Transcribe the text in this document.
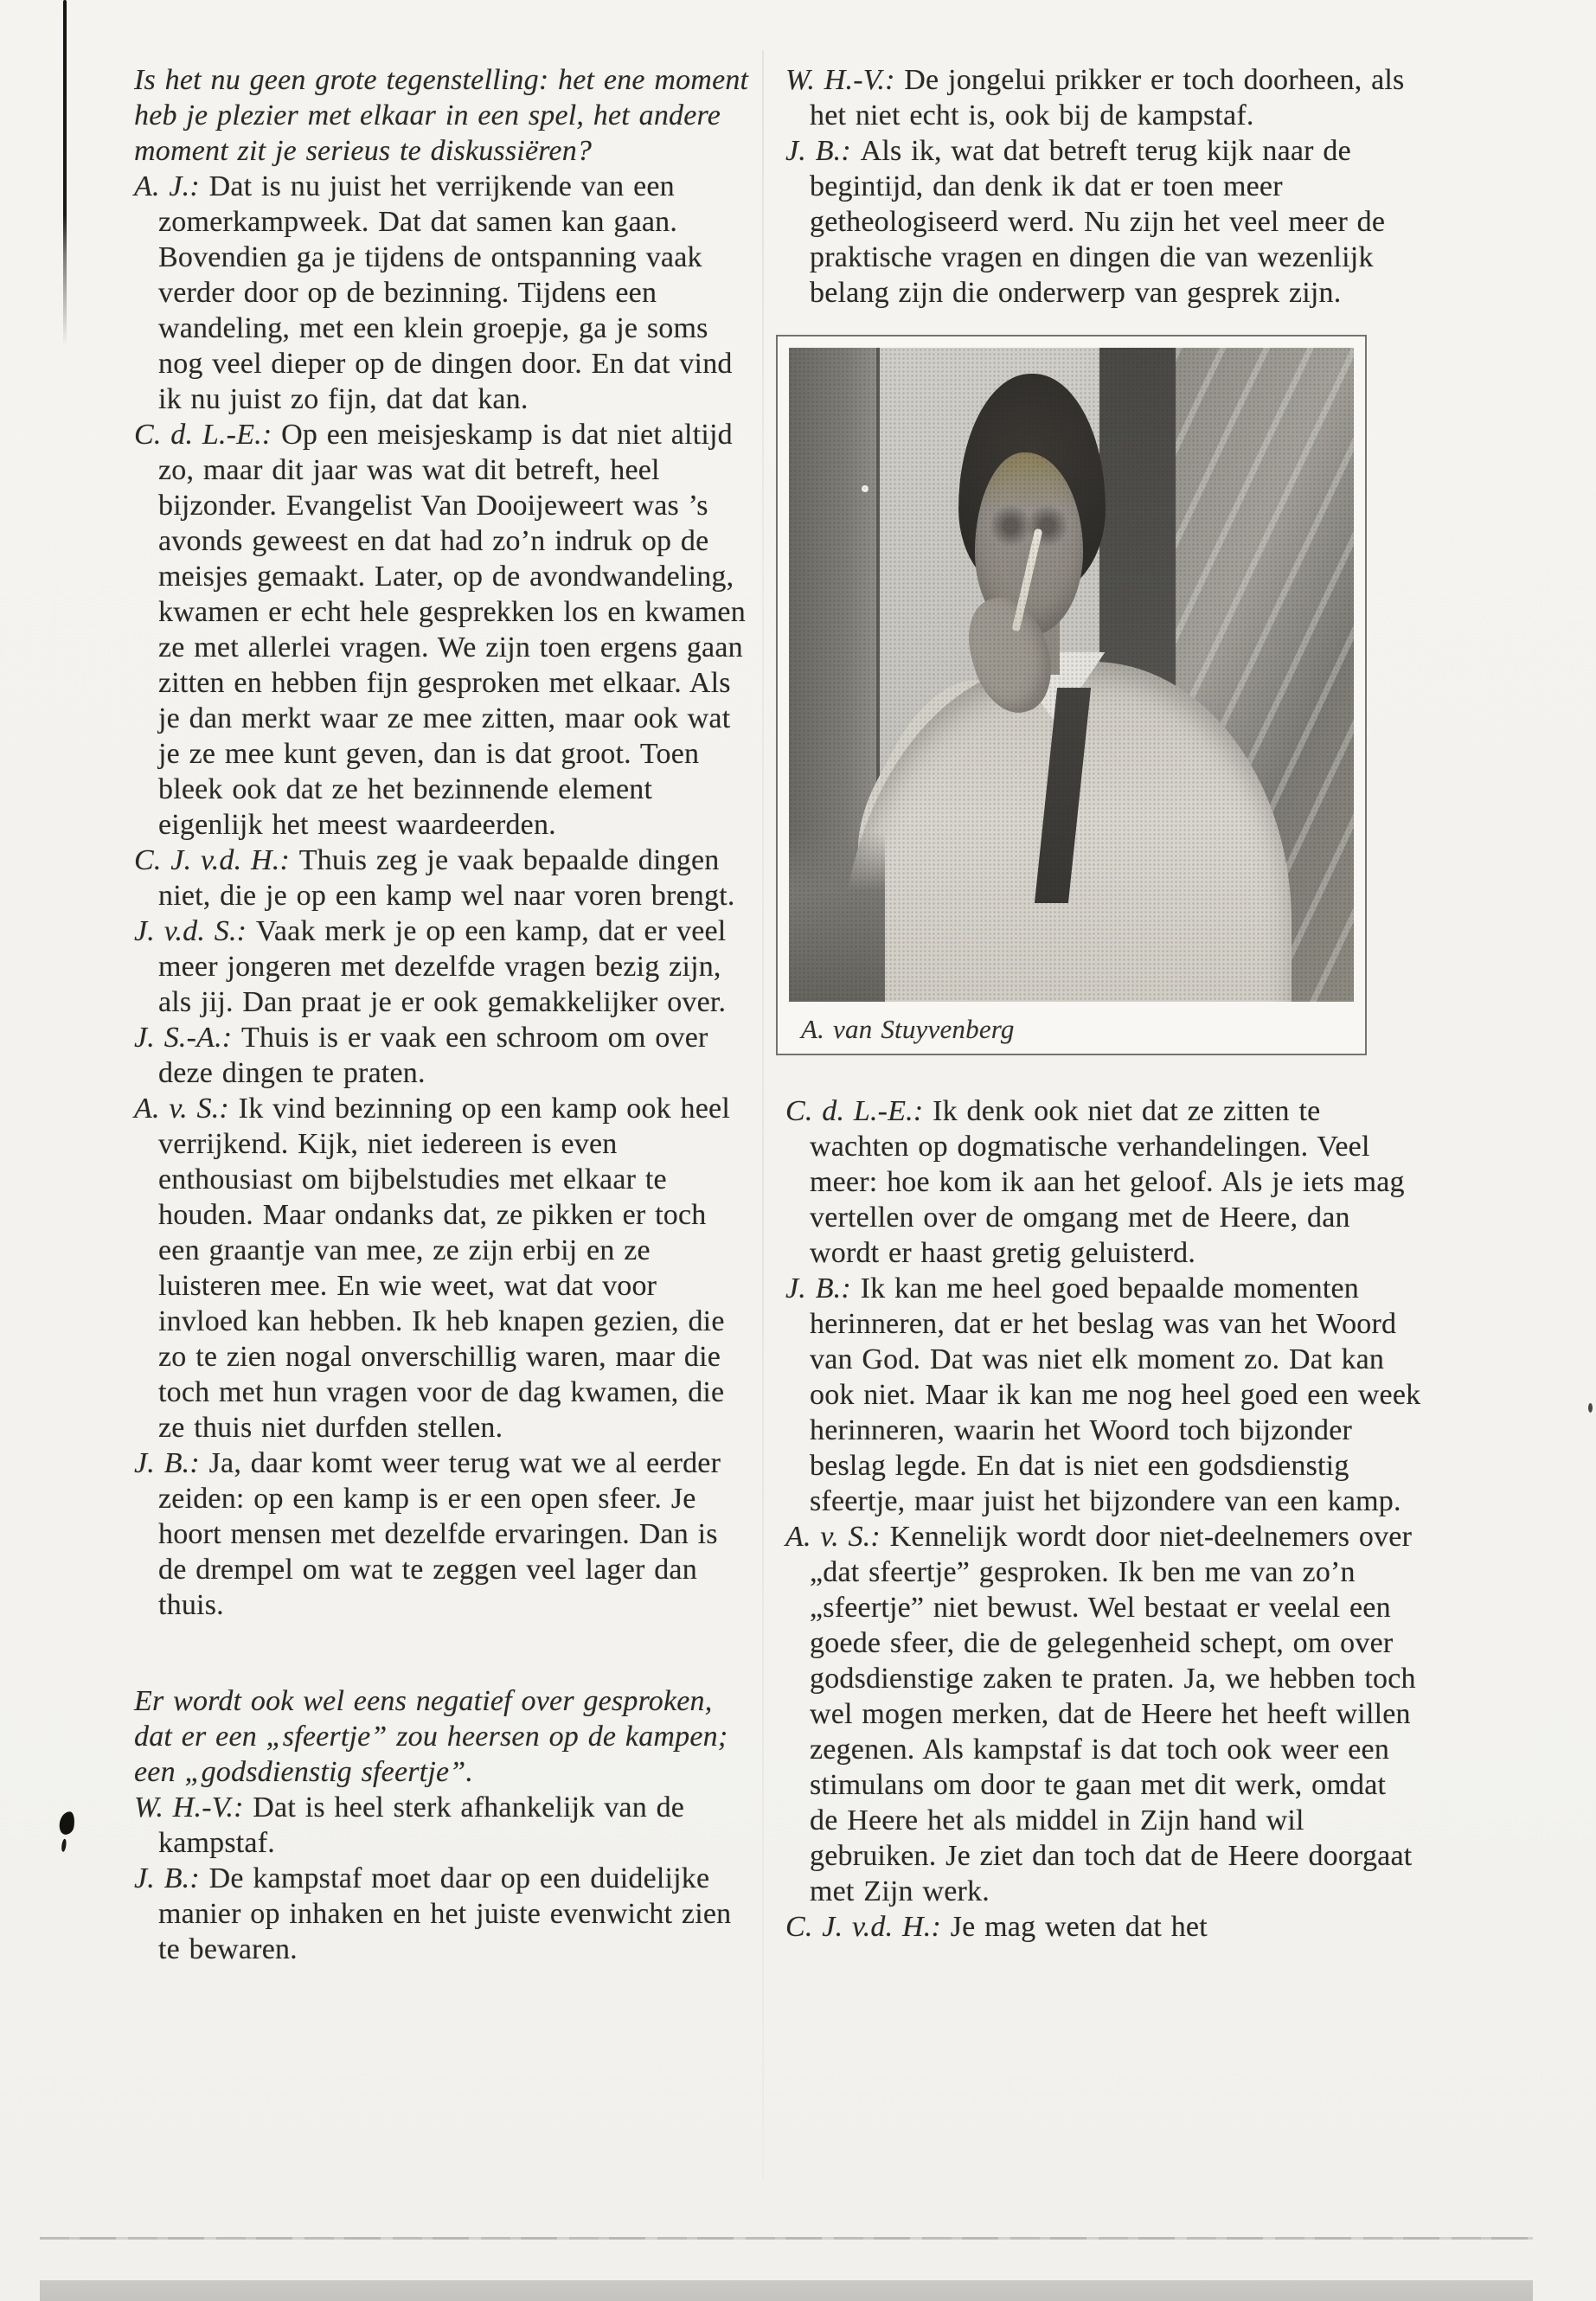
Is het nu geen grote tegenstelling: het ene moment heb je plezier met elkaar in een spel, het andere moment zit je serieus te diskussiëren?

A. J.: Dat is nu juist het verrijkende van een zomerkampweek. Dat dat samen kan gaan. Bovendien ga je tijdens de ontspanning vaak verder door op de bezinning. Tijdens een wandeling, met een klein groepje, ga je soms nog veel dieper op de dingen door. En dat vind ik nu juist zo fijn, dat dat kan.

C. d. L.-E.: Op een meisjeskamp is dat niet altijd zo, maar dit jaar was wat dit betreft, heel bijzonder. Evangelist Van Dooijeweert was ’s avonds geweest en dat had zo’n indruk op de meisjes gemaakt. Later, op de avondwandeling, kwamen er echt hele gesprekken los en kwamen ze met allerlei vragen. We zijn toen ergens gaan zitten en hebben fijn gesproken met elkaar. Als je dan merkt waar ze mee zitten, maar ook wat je ze mee kunt geven, dan is dat groot. Toen bleek ook dat ze het bezinnende element eigenlijk het meest waardeerden.

C. J. v.d. H.: Thuis zeg je vaak bepaalde dingen niet, die je op een kamp wel naar voren brengt.

J. v.d. S.: Vaak merk je op een kamp, dat er veel meer jongeren met dezelfde vragen bezig zijn, als jij. Dan praat je er ook gemakkelijker over.

J. S.-A.: Thuis is er vaak een schroom om over deze dingen te praten.

A. v. S.: Ik vind bezinning op een kamp ook heel verrijkend. Kijk, niet iedereen is even enthousiast om bijbelstudies met elkaar te houden. Maar ondanks dat, ze pikken er toch een graantje van mee, ze zijn erbij en ze luisteren mee. En wie weet, wat dat voor invloed kan hebben. Ik heb knapen gezien, die zo te zien nogal onverschillig waren, maar die toch met hun vragen voor de dag kwamen, die ze thuis niet durfden stellen.

J. B.: Ja, daar komt weer terug wat we al eerder zeiden: op een kamp is er een open sfeer. Je hoort mensen met dezelfde ervaringen. Dan is de drempel om wat te zeggen veel lager dan thuis.

Er wordt ook wel eens negatief over gesproken, dat er een „sfeertje” zou heersen op de kampen; een „godsdienstig sfeertje”.

W. H.-V.: Dat is heel sterk afhankelijk van de kampstaf.

J. B.: De kampstaf moet daar op een duidelijke manier op inhaken en het juiste evenwicht zien te bewaren.

W. H.-V.: De jongelui prikker er toch doorheen, als het niet echt is, ook bij de kampstaf.

J. B.: Als ik, wat dat betreft terug kijk naar de begintijd, dan denk ik dat er toen meer getheologiseerd werd. Nu zijn het veel meer de praktische vragen en dingen die van wezenlijk belang zijn die onderwerp van gesprek zijn.

A. van Stuyvenberg

C. d. L.-E.: Ik denk ook niet dat ze zitten te wachten op dogmatische verhandelingen. Veel meer: hoe kom ik aan het geloof. Als je iets mag vertellen over de omgang met de Heere, dan wordt er haast gretig geluisterd.

J. B.: Ik kan me heel goed bepaalde momenten herinneren, dat er het beslag was van het Woord van God. Dat was niet elk moment zo. Dat kan ook niet. Maar ik kan me nog heel goed een week herinneren, waarin het Woord toch bijzonder beslag legde. En dat is niet een godsdienstig sfeertje, maar juist het bijzondere van een kamp.

A. v. S.: Kennelijk wordt door niet-deelnemers over „dat sfeertje” gesproken. Ik ben me van zo’n „sfeertje” niet bewust. Wel bestaat er veelal een goede sfeer, die de gelegenheid schept, om over godsdienstige zaken te praten. Ja, we hebben toch wel mogen merken, dat de Heere het heeft willen zegenen. Als kampstaf is dat toch ook weer een stimulans om door te gaan met dit werk, omdat de Heere het als middel in Zijn hand wil gebruiken. Je ziet dan toch dat de Heere doorgaat met Zijn werk.

C. J. v.d. H.: Je mag weten dat het
